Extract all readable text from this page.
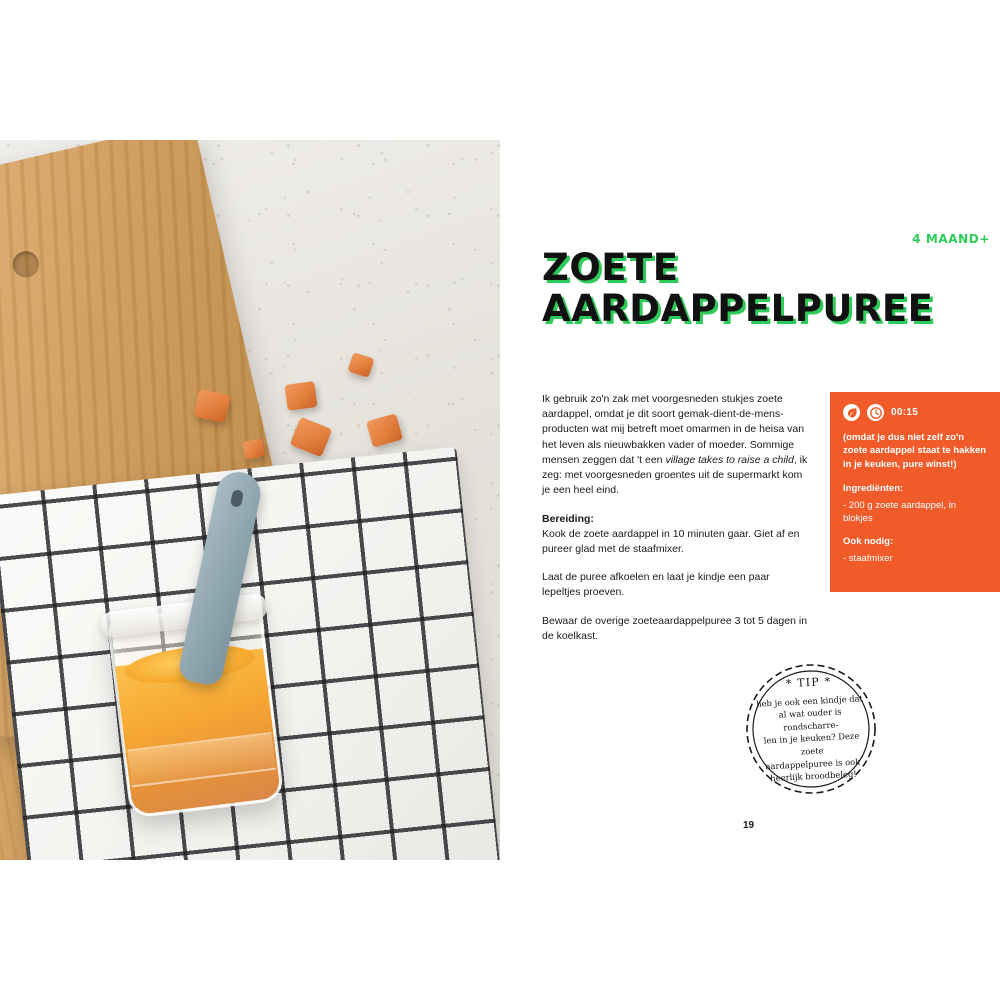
ZOETE
AARDAPPELPUREE
4 MAAND+

Ik gebruik zo'n zak met voorgesneden stukjes zoete aardappel, omdat je dit soort gemak-dient-de-mens-producten wat mij betreft moet omarmen in de heisa van het leven als nieuwbakken vader of moeder. Sommige mensen zeggen dat 't een village takes to raise a child, ik zeg: met voorgesneden groentes uit de supermarkt kom je een heel eind.

Bereiding:
Kook de zoete aardappel in 10 minuten gaar. Giet af en pureer glad met de staafmixer.

Laat de puree afkoelen en laat je kindje een paar lepeltjes proeven.

Bewaar de overige zoeteaardappelpuree 3 tot 5 dagen in de koelkast.

00:15

(omdat je dus niet zelf zo'n zoete aardappel staat te hakken in je keuken, pure winst!)

Ingrediënten:

- 200 g zoete aardappel, in blokjes

Ook nodig:

- staafmixer

* TIP *
heb je ook een kindje dat
al wat ouder is rondscharre-
len in je keuken? Deze zoete
aardappelpuree is ook
heerlijk broodbeleg!
19
